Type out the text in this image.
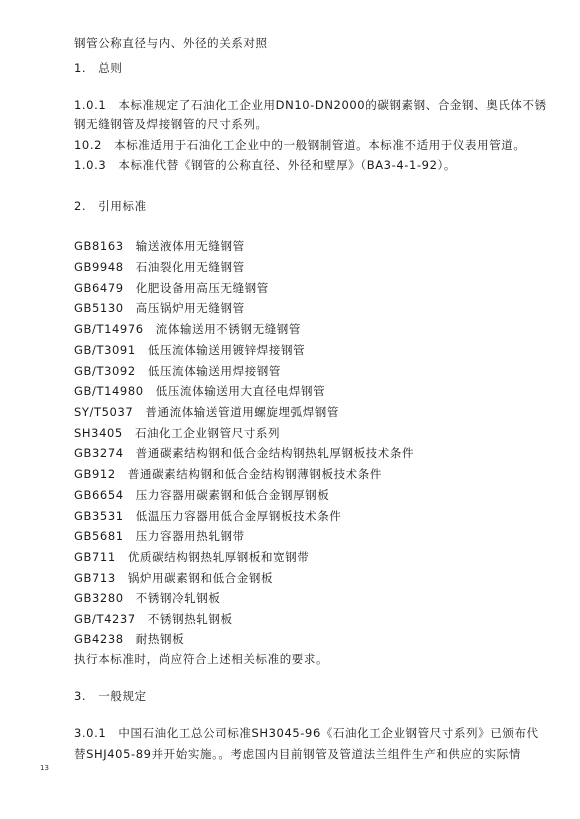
钢管公称直径与内、外径的关系对照
1.　总则
1.0.1　本标准规定了石油化工企业用DN10-DN2000的碳钢素钢、合金钢、奥氏体不锈
钢无缝钢管及焊接钢管的尺寸系列。
10.2　本标准适用于石油化工企业中的一般钢制管道。本标准不适用于仪表用管道。
1.0.3　本标准代替《钢管的公称直径、外径和壁厚》（BA3-4-1-92）。
2.　引用标准
GB8163　 输送液体用无缝钢管
GB9948　 石油裂化用无缝钢管
GB6479　 化肥设备用高压无缝钢管
GB5130　 高压锅炉用无缝钢管
GB/T14976　 流体输送用不锈钢无缝钢管
GB/T3091　 低压流体输送用镀锌焊接钢管
GB/T3092　 低压流体输送用焊接钢管
GB/T14980　 低压流体输送用大直径电焊钢管
SY/T5037　 普通流体输送管道用螺旋埋弧焊钢管
SH3405　 石油化工企业钢管尺寸系列
GB3274　 普通碳素结构钢和低合金结构钢热轧厚钢板技术条件
GB912　 普通碳素结构钢和低合金结构钢薄钢板技术条件
GB6654　 压力容器用碳素钢和低合金钢厚钢板
GB3531　 低温压力容器用低合金厚钢板技术条件
GB5681　 压力容器用热轧钢带
GB711　 优质碳结构钢热轧厚钢板和宽钢带
GB713　 锅炉用碳素钢和低合金钢板
GB3280　 不锈钢冷轧钢板
GB/T4237　 不锈钢热轧钢板
GB4238　 耐热钢板
执行本标准时，尚应符合上述相关标准的要求。
3.　一般规定
3.0.1　中国石油化工总公司标准SH3045-96《石油化工企业钢管尺寸系列》已颁布代
替SHJ405-89并开始实施。。考虑国内目前钢管及管道法兰组件生产和供应的实际情
13
